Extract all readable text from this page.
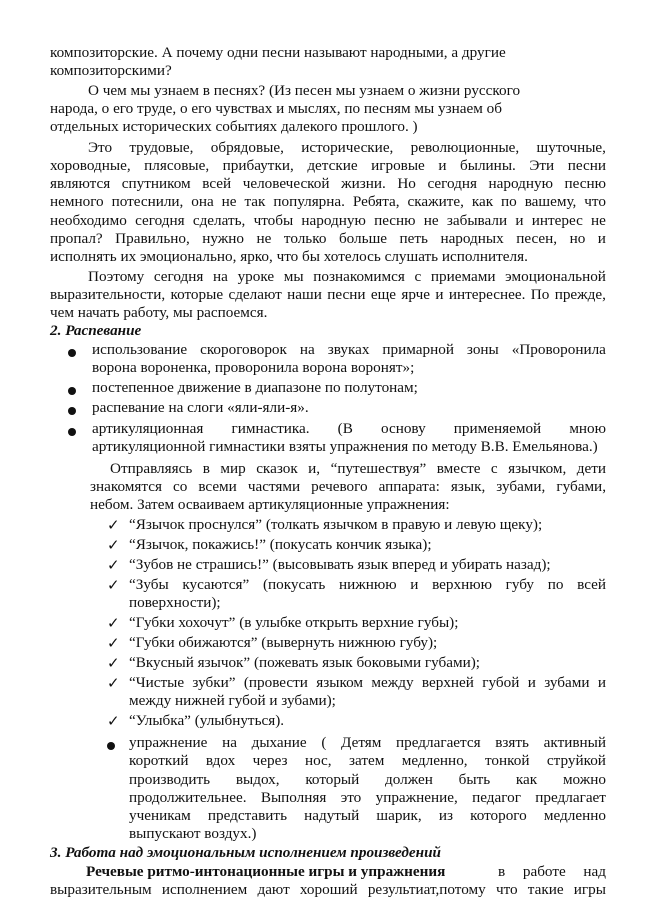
композиторские. А почему одни песни называют народными, а другие
композиторскими?
О чем мы узнаем в песнях? (Из песен мы узнаем о жизни русского
народа, о его труде, о его чувствах и мыслях, по песням мы узнаем об
отдельных исторических событиях далекого прошлого. )
Это трудовые, обрядовые, исторические, революционные, шуточные,
хороводные, плясовые, прибаутки, детские игровые и былины. Эти песни
являются спутником всей человеческой жизни. Но сегодня народную песню
немного потеснили, она не так популярна. Ребята, скажите, как по вашему, что
необходимо сегодня сделать, чтобы народную песню не забывали и интерес не
пропал? Правильно, нужно не только больше петь народных песен, но и
исполнять их эмоционально, ярко, что бы хотелось слушать исполнителя.
Поэтому сегодня на уроке мы познакомимся с приемами эмоциональной
выразительности, которые сделают наши песни еще ярче и интереснее. По прежде,
чем начать работу, мы распоемся.
2. Распевание
использование скороговорок на звуках примарной зоны «Проворонила
ворона вороненка, проворонила ворона воронят»;
постепенное движение в диапазоне по полутонам;
распевание на слоги «яли-яли-я».
артикуляционная гимнастика. (В основу применяемой мною
артикуляционной гимнастики взяты упражнения по методу В.В. Емельянова.)
Отправляясь в мир сказок и, “путешествуя” вместе с язычком, дети
знакомятся со всеми частями речевого аппарата: язык, зубами, губами,
небом. Затем осваиваем артикуляционные упражнения:
✓ “Язычок проснулся” (толкать язычком в правую и левую щеку);
✓ “Язычок, покажись!” (покусать кончик языка);
✓ “Зубов не страшись!” (высовывать язык вперед и убирать назад);
✓ “Зубы кусаются” (покусать нижнюю и верхнюю губу по всей
поверхности);
✓ “Губки хохочут” (в улыбке открыть верхние губы);
✓ “Губки обижаются” (вывернуть нижнюю губу);
✓ “Вкусный язычок” (пожевать язык боковыми губами);
✓ “Чистые зубки” (провести языком между верхней губой и зубами и
между нижней губой и зубами);
✓ “Улыбка” (улыбнуться).
упражнение на дыхание ( Детям предлагается взять активный
короткий вдох через нос, затем медленно, тонкой струйкой
производить выдох, который должен быть как можно
продолжительнее. Выполняя это упражнение, педагог предлагает
ученикам представить надутый шарик, из которого медленно
выпускают воздух.)
3. Работа над эмоциональным исполнением произведений
Речевые ритмо-интонационные игры и упражнения	в работе над
выразительным исполнением дают хороший результиат,потому что такие игры
